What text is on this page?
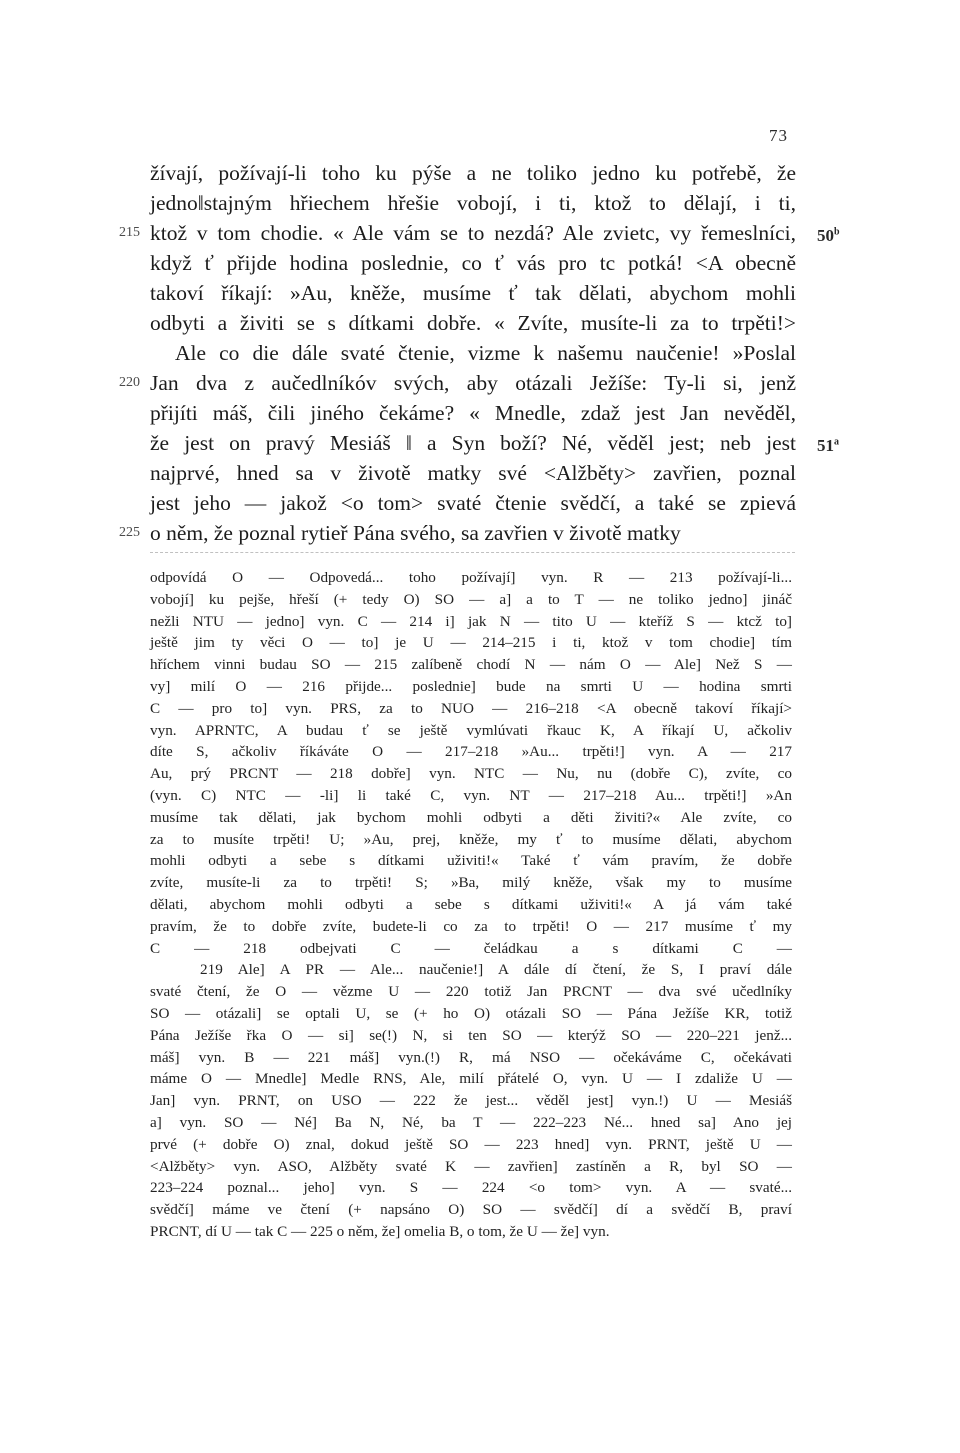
73
žívají, požívají-li toho ku pýše a ne toliko jedno ku potřebě, že
jedno‖stajným hřiechem hřešie vobojí, i ti, ktož to dělají, i ti,
215 ktož v tom chodie. « Ale vám se to nezdá? Ale zvietc, vy řemeslníci,
když ť přijde hodina poslednie, co ť vás pro tc potká! <A obecně
takoví říkají: »Au, kněže, musíme ť tak dělati, abychom mohli
odbyti a živiti se s dítkami dobře. « Zvíte, musíte-li za to trpěti!>
Ale co die dále svaté čtenie, vizme k našemu naučenie! »Poslal
220 Jan dva z aučedlníkóv svých, aby otázali Ježíše: Ty-li si, jenž
přijíti máš, čili jiného čekáme? « Mnedle, zdaž jest Jan nevěděl,
že jest on pravý Mesiáš ‖ a Syn boží? Né, věděl jest; neb jest
najprvé, hned sa v životě matky své <Alžběty> zavřien, poznal
jest jeho — jakož <o tom> svaté čtenie svědčí, a také se zpievá
225 o něm, že poznal rytieř Pána svého, sa zavřien v životě matky
50$^b$
51$^a$
odpovídá O — Odpovedá... toho požívají] vyn. R — 213 požívají-li...
vobojí] ku pejše, hřeší (+ tedy O) SO — a] a to T — ne toliko jedno] jináč
nežli NTU — jedno] vyn. C — 214 i] jak N — tito U — kteříž S — ktcž to]
ještě jim ty věci O — to] je U — 214–215 i ti, ktož v tom chodie] tím
hříchem vinni budau SO — 215 zalíbeně chodí N — nám O — Ale] Než S —
vy] milí O — 216 přijde... poslednie] bude na smrti U — hodina smrti
C — pro to] vyn. PRS, za to NUO — 216–218 <A obecně takoví říkají>
vyn. APRNTC, A budau ť se ještě vymlúvati řkauc K, A říkají U, ačkoliv
díte S, ačkoliv říkáváte O — 217–218 »Au... trpěti!] vyn. A — 217
Au, prý PRCNT — 218 dobře] vyn. NTC — Nu, nu (dobře C), zvíte, co
(vyn. C) NTC — -li] li také C, vyn. NT — 217–218 Au... trpěti!] »An
musíme tak dělati, jak bychom mohli odbyti a děti živiti?« Ale zvíte, co
za to musíte trpěti! U; »Au, prej, kněže, my ť to musíme dělati, abychom
mohli odbyti a sebe s dítkami uživiti!« Také ť vám pravím, že dobře
zvíte, musíte-li za to trpěti! S; »Ba, milý kněže, však my to musíme
dělati, abychom mohli odbyti a sebe s dítkami uživiti!« A já vám také
pravím, že to dobře zvíte, budete-li co za to trpěti! O — 217 musíme ť my
C — 218 odbejvati C — čeládkau a s dítkami C —
219 Ale] A PR — Ale... naučenie!] A dále dí čtení, že S, I praví dále
svaté čtení, že O — vězme U — 220 totiž Jan PRCNT — dva své učedlníky
SO — otázali] se optali U, se (+ ho O) otázali SO — Pána Ježíše KR, totiž
Pána Ježíše řka O — si] se(!) N, si ten SO — kterýž SO — 220–221 jenž...
máš] vyn. B — 221 máš] vyn.(!) R, má NSO — očekáváme C, očekávati
máme O — Mnedle] Medle RNS, Ale, milí přátelé O, vyn. U — I zdaliže U —
Jan] vyn. PRNT, on USO — 222 že jest... věděl jest] vyn.!) U — Mesiáš
a] vyn. SO — Né] Ba N, Né, ba T — 222–223 Né... hned sa] Ano jej
prvé (+ dobře O) znal, dokud ještě SO — 223 hned] vyn. PRNT, ještě U —
<Alžběty> vyn. ASO, Alžběty svaté K — zavřien] zastíněn a R, byl SO —
223–224 poznal... jeho] vyn. S — 224 <o tom> vyn. A — svaté...
svědčí] máme ve čtení (+ napsáno O) SO — svědčí] dí a svědčí B, praví
PRCNT, dí U — tak C — 225 o něm, že] omelia B, o tom, že U — že] vyn.
